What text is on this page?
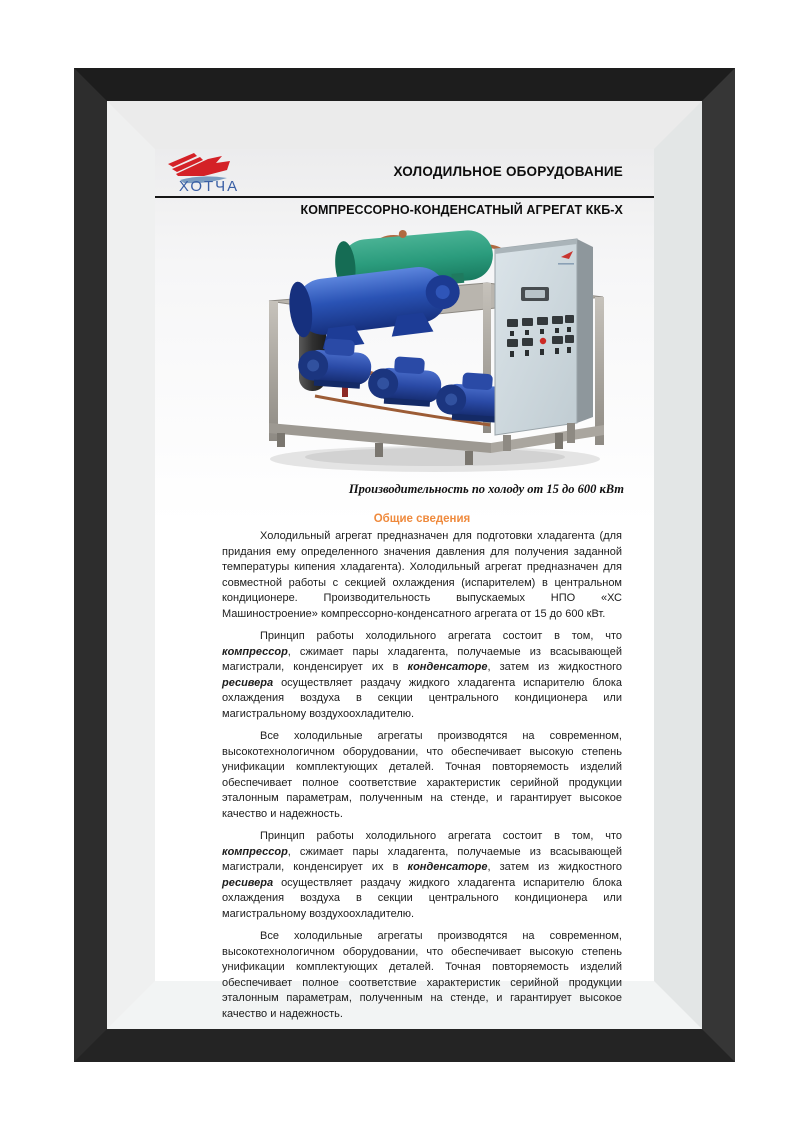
ХОТЧА
ХОЛОДИЛЬНОЕ ОБОРУДОВАНИЕ
КОМПРЕССОРНО-КОНДЕНСАТНЫЙ АГРЕГАТ ККБ-Х
Производительность по холоду от 15 до 600 кВт
Общие сведения

Холодильный агрегат предназначен для подготовки хладагента (для придания ему определенного значения давления для получения заданной температуры кипения хладагента). Холодильный агрегат предназначен для совместной работы с секцией охлаждения (испарителем) в центральном кондиционере. Производительность выпускаемых НПО «ХС Машиностроение» компрессорно-конденсатного агрегата от 15 до 600 кВт.

Принцип работы холодильного агрегата состоит в том, что компрессор, сжимает пары хладагента, получаемые из всасывающей магистрали, конденсирует их в конденсаторе, затем из жидкостного ресивера осуществляет раздачу жидкого хладагента испарителю блока охлаждения воздуха в секции центрального кондиционера или магистральному воздухоохладителю.

Все холодильные агрегаты производятся на современном, высокотехнологичном оборудовании, что обеспечивает высокую степень унификации комплектующих деталей. Точная повторяемость изделий обеспечивает полное соответствие характеристик серийной продукции эталонным параметрам, полученным на стенде, и гарантирует высокое качество и надежность.

Принцип работы холодильного агрегата состоит в том, что компрессор, сжимает пары хладагента, получаемые из всасывающей магистрали, конденсирует их в конденсаторе, затем из жидкостного ресивера осуществляет раздачу жидкого хладагента испарителю блока охлаждения воздуха в секции центрального кондиционера или магистральному воздухоохладителю.

Все холодильные агрегаты производятся на современном, высокотехнологичном оборудовании, что обеспечивает высокую степень унификации комплектующих деталей. Точная повторяемость изделий обеспечивает полное соответствие характеристик серийной продукции эталонным параметрам, полученным на стенде, и гарантирует высокое качество и надежность.
